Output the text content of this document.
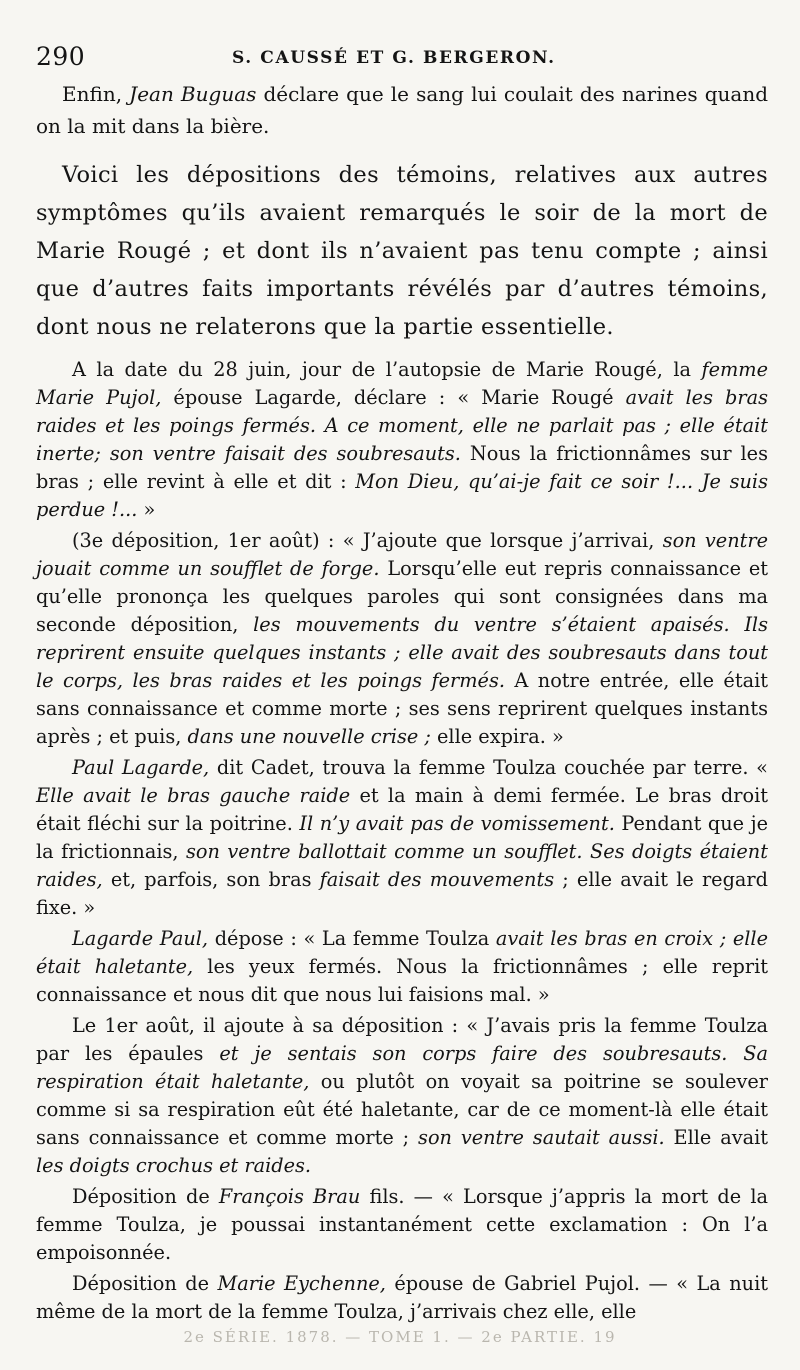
290	S. CAUSSÉ ET G. BERGERON.

Enfin, Jean Buguas déclare que le sang lui coulait des narines quand on la mit dans la bière.

Voici les dépositions des témoins, relatives aux autres symptômes qu’ils avaient remarqués le soir de la mort de Marie Rougé ; et dont ils n’avaient pas tenu compte ; ainsi que d’autres faits importants révélés par d’autres témoins, dont nous ne relaterons que la partie essentielle.

A la date du 28 juin, jour de l’autopsie de Marie Rougé, la femme Marie Pujol, épouse Lagarde, déclare : « Marie Rougé avait les bras raides et les poings fermés. A ce moment, elle ne parlait pas ; elle était inerte; son ventre faisait des soubresauts. Nous la frictionnâmes sur les bras ; elle revint à elle et dit : Mon Dieu, qu’ai-je fait ce soir !... Je suis perdue !... »

(3e déposition, 1er août) : « J’ajoute que lorsque j’arrivai, son ventre jouait comme un soufflet de forge. Lorsqu’elle eut repris connaissance et qu’elle prononça les quelques paroles qui sont consignées dans ma seconde déposition, les mouvements du ventre s’étaient apaisés. Ils reprirent ensuite quelques instants ; elle avait des soubresauts dans tout le corps, les bras raides et les poings fermés. A notre entrée, elle était sans connaissance et comme morte ; ses sens reprirent quelques instants après ; et puis, dans une nouvelle crise ; elle expira. »

Paul Lagarde, dit Cadet, trouva la femme Toulza couchée par terre. « Elle avait le bras gauche raide et la main à demi fermée. Le bras droit était fléchi sur la poitrine. Il n’y avait pas de vomissement. Pendant que je la frictionnais, son ventre ballottait comme un soufflet. Ses doigts étaient raides, et, parfois, son bras faisait des mouvements ; elle avait le regard fixe. »

Lagarde Paul, dépose : « La femme Toulza avait les bras en croix ; elle était haletante, les yeux fermés. Nous la frictionnâmes ; elle reprit connaissance et nous dit que nous lui faisions mal. »

Le 1er août, il ajoute à sa déposition : « J’avais pris la femme Toulza par les épaules et je sentais son corps faire des soubresauts. Sa respiration était haletante, ou plutôt on voyait sa poitrine se soulever comme si sa respiration eût été haletante, car de ce moment-là elle était sans connaissance et comme morte ; son ventre sautait aussi. Elle avait les doigts crochus et raides.

Déposition de François Brau fils. — « Lorsque j’appris la mort de la femme Toulza, je poussai instantanément cette exclamation : On l’a empoisonnée.

Déposition de Marie Eychenne, épouse de Gabriel Pujol. — « La nuit même de la mort de la femme Toulza, j’arrivais chez elle, elle

2e SÉRIE. 1878. — TOME 1. — 2e PARTIE. 19
